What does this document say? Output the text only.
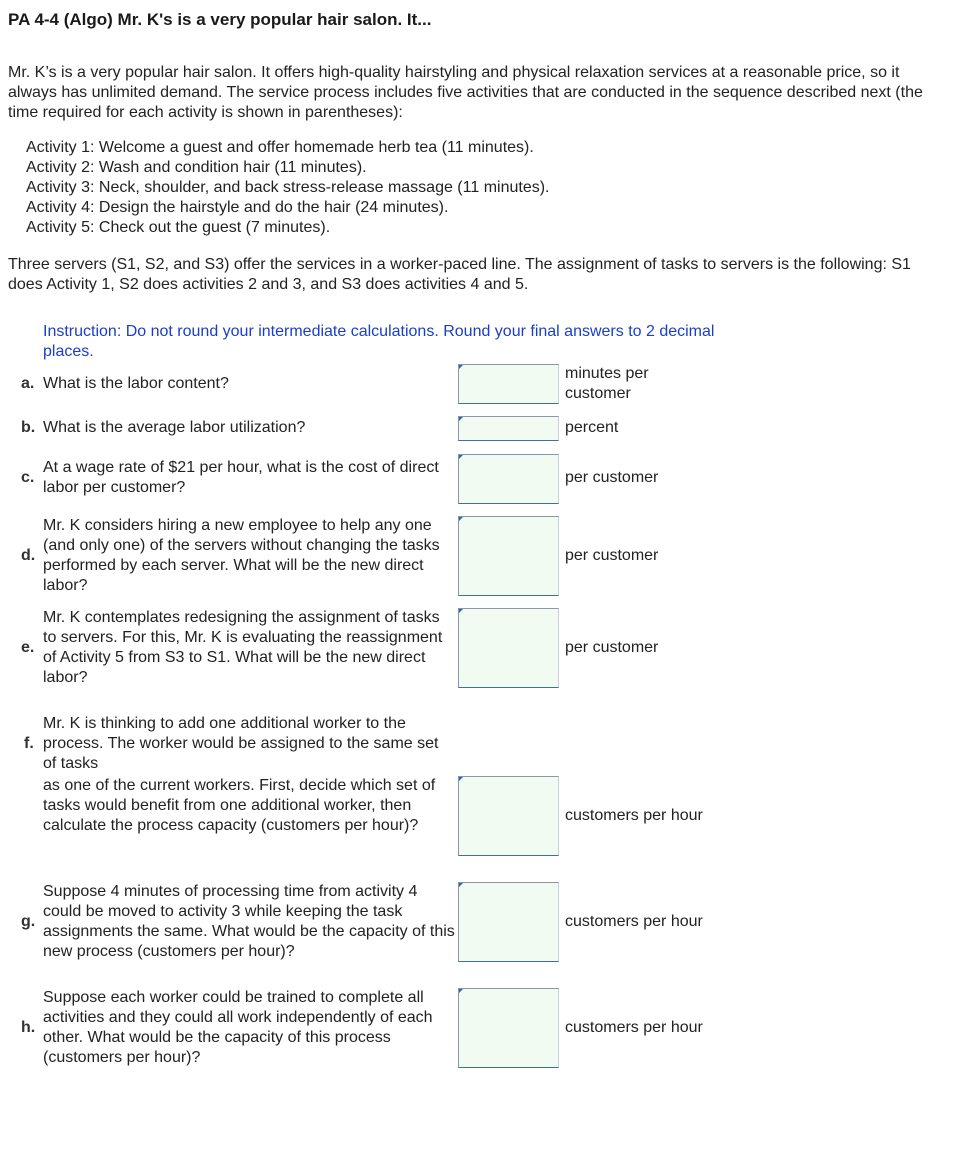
PA 4-4 (Algo) Mr. K's is a very popular hair salon. It...

Mr. K’s is a very popular hair salon. It offers high-quality hairstyling and physical relaxation services at a reasonable price, so it always has unlimited demand. The service process includes five activities that are conducted in the sequence described next (the time required for each activity is shown in parentheses):

Activity 1: Welcome a guest and offer homemade herb tea (11 minutes).
Activity 2: Wash and condition hair (11 minutes).
Activity 3: Neck, shoulder, and back stress-release massage (11 minutes).
Activity 4: Design the hairstyle and do the hair (24 minutes).
Activity 5: Check out the guest (7 minutes).

Three servers (S1, S2, and S3) offer the services in a worker-paced line. The assignment of tasks to servers is the following: S1 does Activity 1, S2 does activities 2 and 3, and S3 does activities 4 and 5.

Instruction: Do not round your intermediate calculations. Round your final answers to 2 decimal places.

a. What is the labor content?
minutes per customer
b. What is the average labor utilization?	percent
c.
At a wage rate of $21 per hour, what is the cost of direct labor per customer?
per customer
d.
Mr. K considers hiring a new employee to help any one (and only one) of the servers without changing the tasks performed by each server. What will be the new direct labor?
per customer
e.
Mr. K contemplates redesigning the assignment of tasks to servers. For this, Mr. K is evaluating the reassignment of Activity 5 from S3 to S1. What will be the new direct labor?
per customer
f.
Mr. K is thinking to add one additional worker to the process. The worker would be assigned to the same set of tasks
as one of the current workers. First, decide which set of tasks would benefit from one additional worker, then calculate the process capacity (customers per hour)?
customers per hour
g.
Suppose 4 minutes of processing time from activity 4 could be moved to activity 3 while keeping the task assignments the same. What would be the capacity of this new process (customers per hour)?
customers per hour
h.
Suppose each worker could be trained to complete all activities and they could all work independently of each other. What would be the capacity of this process (customers per hour)?
customers per hour
